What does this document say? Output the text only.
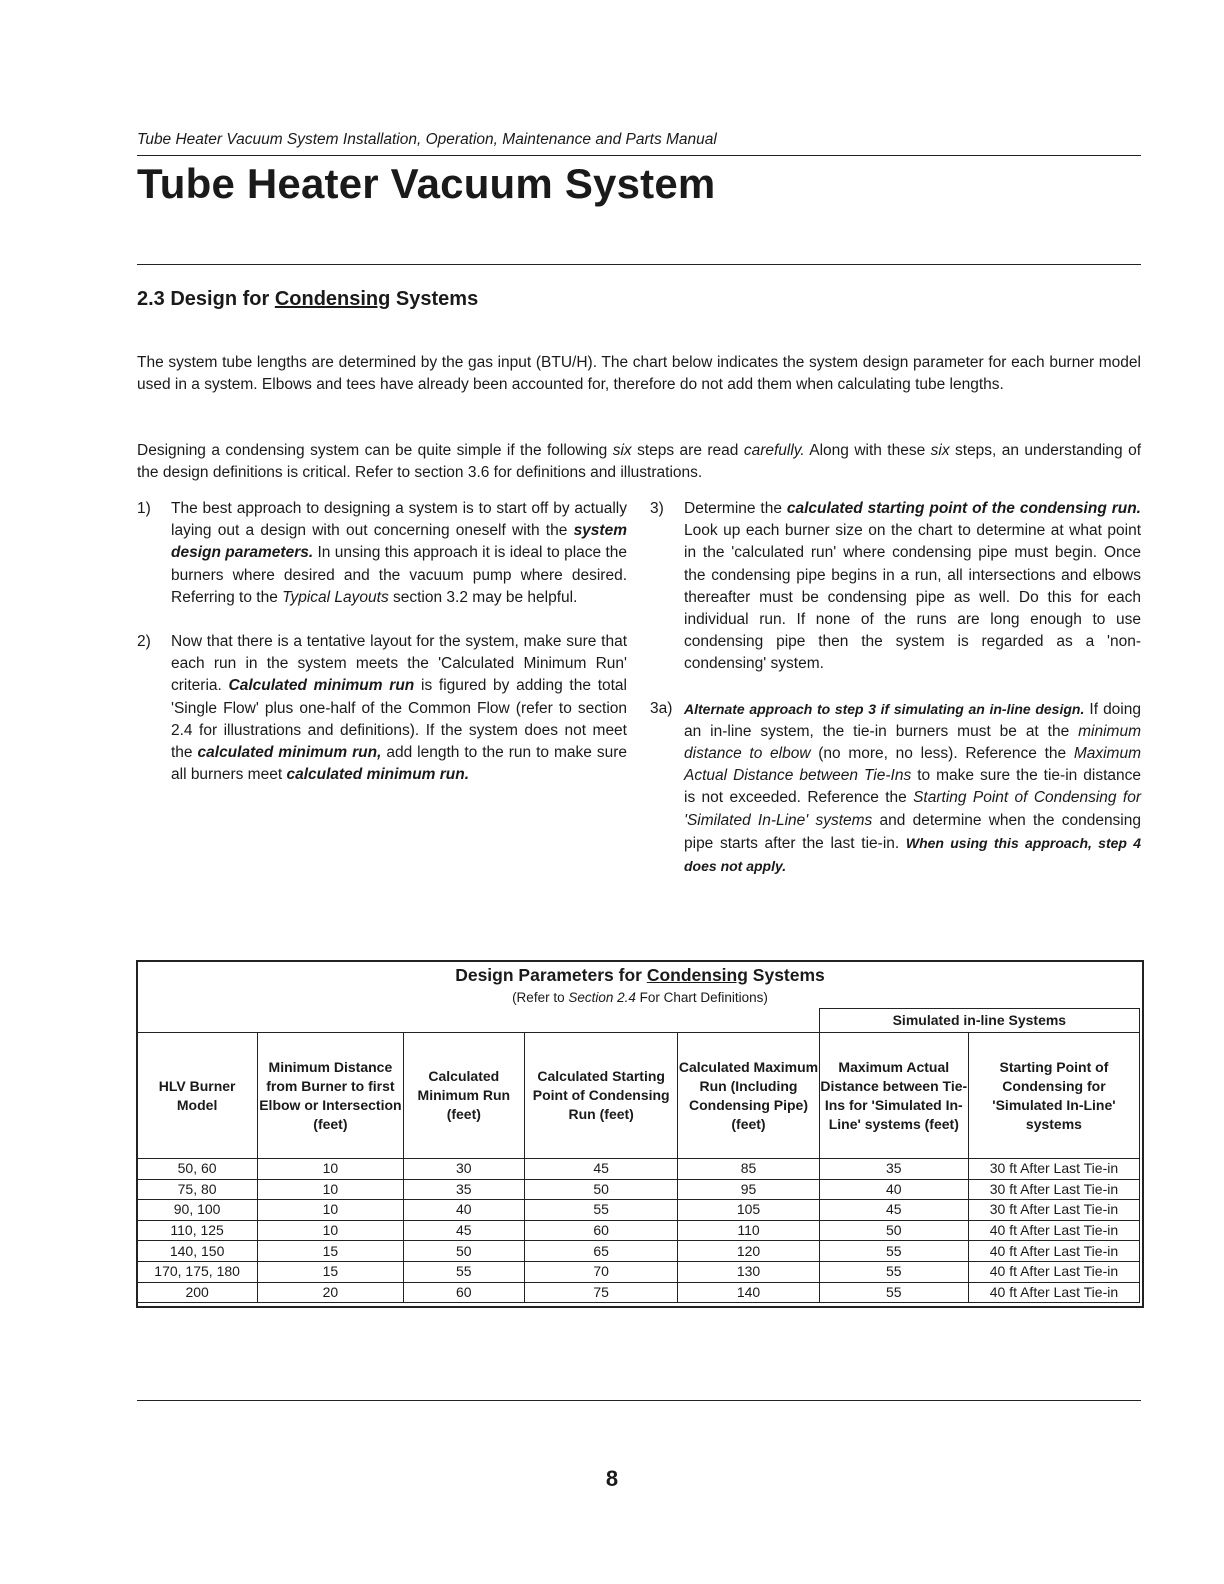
Tube Heater Vacuum System Installation, Operation, Maintenance and Parts Manual
Tube Heater Vacuum System
2.3 Design for Condensing Systems

The system tube lengths are determined by the gas input (BTU/H). The chart below indicates the system design parameter for each burner model used in a system. Elbows and tees have already been accounted for, therefore do not add them when calculating tube lengths.

Designing a condensing system can be quite simple if the following six steps are read carefully. Along with these six steps, an understanding of the design definitions is critical. Refer to section 3.6 for definitions and illustrations.

1)	The best approach to designing a system is to start off by actually laying out a design with out concerning oneself with the system design parameters. In unsing this approach it is ideal to place the burners where desired and the vacuum pump where desired. Referring to the Typical Layouts section 3.2 may be helpful.
2)	Now that there is a tentative layout for the system, make sure that each run in the system meets the 'Calculated Minimum Run' criteria. Calculated minimum run is figured by adding the total 'Single Flow' plus one-half of the Common Flow (refer to section 2.4 for illustrations and definitions). If the system does not meet the calculated minimum run, add length to the run to make sure all burners meet calculated minimum run.
3)	Determine the calculated starting point of the condensing run. Look up each burner size on the chart to determine at what point in the 'calculated run' where condensing pipe must begin. Once the condensing pipe begins in a run, all intersections and elbows thereafter must be condensing pipe as well. Do this for each individual run. If none of the runs are long enough to use condensing pipe then the system is regarded as a 'non-condensing' system.
3a) Alternate approach to step 3 if simulating an in-line design. If doing an in-line system, the tie-in burners must be at the minimum distance to elbow (no more, no less). Reference the Maximum Actual Distance between Tie-Ins to make sure the tie-in distance is not exceeded. Reference the Starting Point of Condensing for 'Similated In-Line' systems and determine when the condensing pipe starts after the last tie-in. When using this approach, step 4 does not apply.
Design Parameters for Condensing Systems
(Refer to Section 2.4 For Chart Definitions)
					Simulated in-line Systems	
HLV Burner Model	Minimum Distance from Burner to first Elbow or Intersection (feet)	Calculated Minimum Run (feet)	Calculated Starting Point of Condensing Run (feet)	Calculated Maximum Run (Including Condensing Pipe) (feet)	Maximum Actual Distance between Tie-Ins for 'Simulated In-Line' systems (feet)	Starting Point of Condensing for 'Simulated In-Line' systems
50, 60	10	30	45	85	35	30 ft After Last Tie-in
75, 80	10	35	50	95	40	30 ft After Last Tie-in
90, 100	10	40	55	105	45	30 ft After Last Tie-in
110, 125	10	45	60	110	50	40 ft After Last Tie-in
140, 150	15	50	65	120	55	40 ft After Last Tie-in
170, 175, 180	15	55	70	130	55	40 ft After Last Tie-in
200	20	60	75	140	55	40 ft After Last Tie-in
8
